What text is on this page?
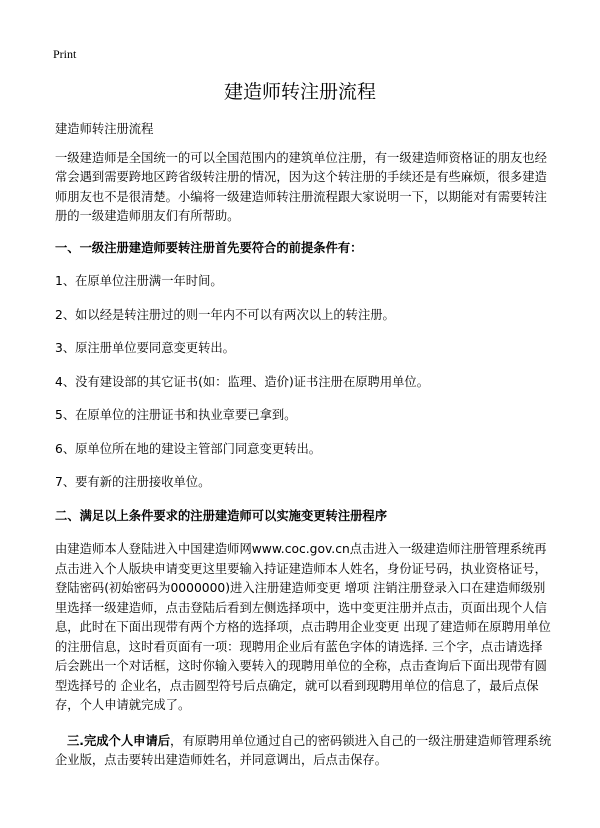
Print
建造师转注册流程

建造师转注册流程

一级建造师是全国统一的可以全国范围内的建筑单位注册，有一级建造师资格证的朋友也经常会遇到需要跨地区跨省级转注册的情况，因为这个转注册的手续还是有些麻烦，很多建造师朋友也不是很清楚。小编将一级建造师转注册流程跟大家说明一下，以期能对有需要转注册的一级建造师朋友们有所帮助。

一、一级注册建造师要转注册首先要符合的前提条件有：

1、在原单位注册满一年时间。
2、如以经是转注册过的则一年内不可以有两次以上的转注册。
3、原注册单位要同意变更转出。
4、没有建设部的其它证书(如：监理、造价)证书注册在原聘用单位。
5、在原单位的注册证书和执业章要已拿到。
6、原单位所在地的建设主管部门同意变更转出。
7、要有新的注册接收单位。

二、满足以上条件要求的注册建造师可以实施变更转注册程序

由建造师本人登陆进入中国建造师网www.coc.gov.cn点击进入一级建造师注册管理系统再点击进入个人版块申请变更这里要输入持证建造师本人姓名，身份证号码，执业资格证号，登陆密码(初始密码为0000000)进入注册建造师变更 增项 注销注册登录入口在建造师级别里选择一级建造师，点击登陆后看到左侧选择项中，选中变更注册并点击，页面出现个人信息，此时在下面出现带有两个方格的选择项，点击聘用企业变更 出现了建造师在原聘用单位的注册信息，这时看页面有一项：现聘用企业后有蓝色字体的请选择. 三个字，点击请选择后会跳出一个对话框，这时你输入要转入的现聘用单位的全称，点击查询后下面出现带有圆型选择号的 企业名，点击圆型符号后点确定，就可以看到现聘用单位的信息了，最后点保存，个人申请就完成了。

三.完成个人申请后，有原聘用单位通过自己的密码锁进入自己的一级注册建造师管理系统企业版，点击要转出建造师姓名，并同意调出，后点击保存。
